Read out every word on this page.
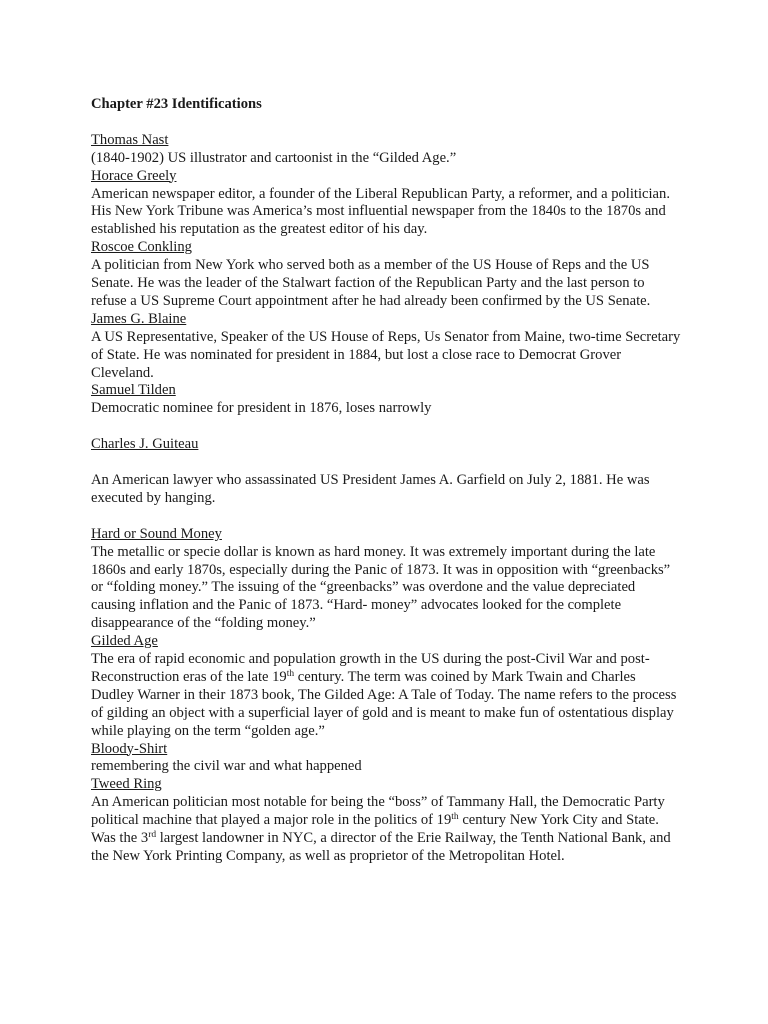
Chapter #23 Identifications

Thomas Nast

(1840-1902) US illustrator and cartoonist in the “Gilded Age.”

Horace Greely

American newspaper editor, a founder of the Liberal Republican Party, a reformer, and a politician. His New York Tribune was America’s most influential newspaper from the 1840s to the 1870s and established his reputation as the greatest editor of his day.

Roscoe Conkling

A politician from New York who served both as a member of the US House of Reps and the US Senate. He was the leader of the Stalwart faction of the Republican Party and the last person to refuse a US Supreme Court appointment after he had already been confirmed by the US Senate.

James G. Blaine

A US Representative, Speaker of the US House of Reps, Us Senator from Maine, two-time Secretary of State. He was nominated for president in 1884, but lost a close race to Democrat Grover Cleveland.

Samuel Tilden

Democratic nominee for president in 1876, loses narrowly

Charles J. Guiteau

An American lawyer who assassinated US President James A. Garfield on July 2, 1881. He was executed by hanging.

Hard or Sound Money

The metallic or specie dollar is known as hard money. It was extremely important during the late 1860s and early 1870s, especially during the Panic of 1873. It was in opposition with “greenbacks” or “folding money.” The issuing of the “greenbacks” was overdone and the value depreciated causing inflation and the Panic of 1873. “Hard- money” advocates looked for the complete disappearance of the “folding money.”

Gilded Age

The era of rapid economic and population growth in the US during the post-Civil War and post- Reconstruction eras of the late 19th century. The term was coined by Mark Twain and Charles Dudley Warner in their 1873 book, The Gilded Age: A Tale of Today. The name refers to the process of gilding an object with a superficial layer of gold and is meant to make fun of ostentatious display while playing on the term “golden age.”

Bloody-Shirt

remembering the civil war and what happened

Tweed Ring

An American politician most notable for being the “boss” of Tammany Hall, the Democratic Party political machine that played a major role in the politics of 19th century New York City and State. Was the 3rd largest landowner in NYC, a director of the Erie Railway, the Tenth National Bank, and the New York Printing Company, as well as proprietor of the Metropolitan Hotel.
